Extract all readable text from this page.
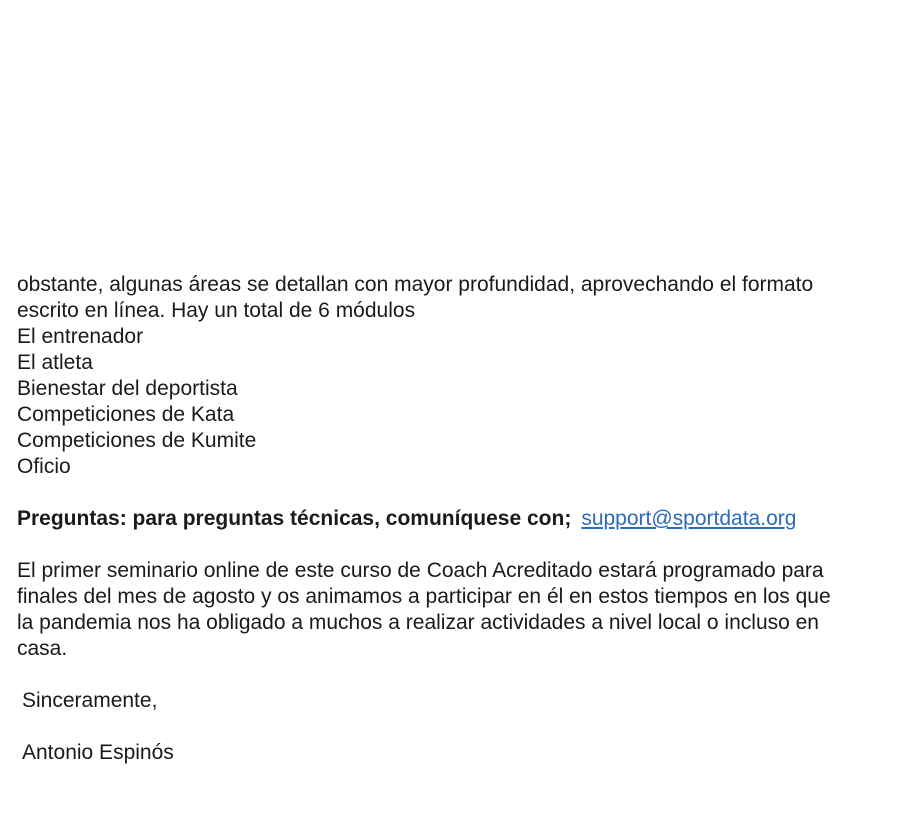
obstante, algunas áreas se detallan con mayor profundidad, aprovechando el formato
escrito en línea. Hay un total de 6 módulos
El entrenador
El atleta
Bienestar del deportista
Competiciones de Kata
Competiciones de Kumite
Oficio
Preguntas: para preguntas técnicas, comuníquese con; support@sportdata.org
El primer seminario online de este curso de Coach Acreditado estará programado para
finales del mes de agosto y os animamos a participar en él en estos tiempos en los que
la pandemia nos ha obligado a muchos a realizar actividades a nivel local o incluso en
casa.
Sinceramente,
Antonio Espinós
